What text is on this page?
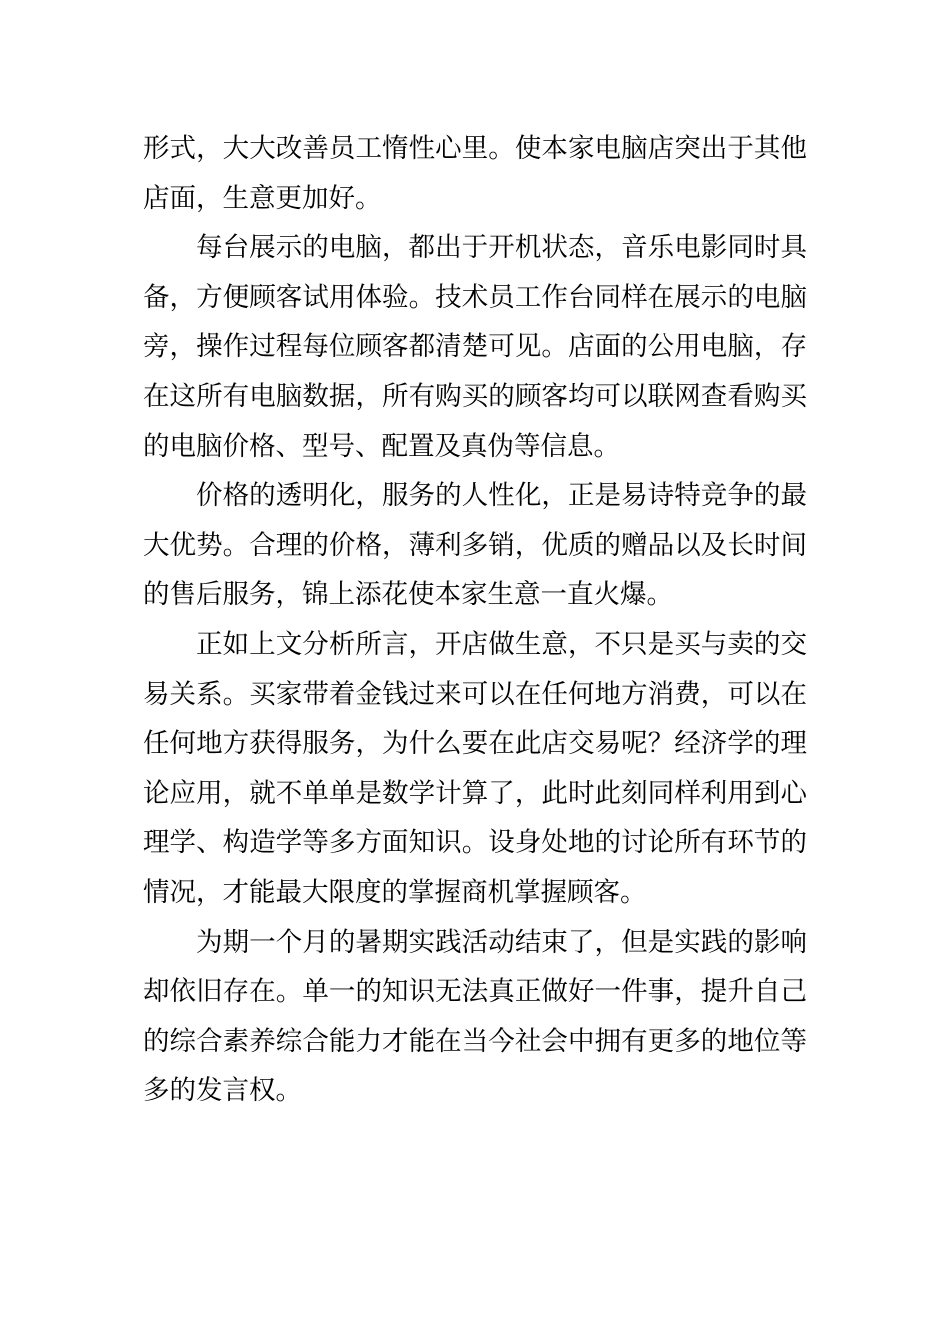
形式，大大改善员工惰性心里。使本家电脑店突出于其他店面，生意更加好。

每台展示的电脑，都出于开机状态，音乐电影同时具备，方便顾客试用体验。技术员工作台同样在展示的电脑旁，操作过程每位顾客都清楚可见。店面的公用电脑，存在这所有电脑数据，所有购买的顾客均可以联网查看购买的电脑价格、型号、配置及真伪等信息。

价格的透明化，服务的人性化，正是易诗特竞争的最大优势。合理的价格，薄利多销，优质的赠品以及长时间的售后服务，锦上添花使本家生意一直火爆。

正如上文分析所言，开店做生意，不只是买与卖的交易关系。买家带着金钱过来可以在任何地方消费，可以在任何地方获得服务，为什么要在此店交易呢？经济学的理论应用，就不单单是数学计算了，此时此刻同样利用到心理学、构造学等多方面知识。设身处地的讨论所有环节的情况，才能最大限度的掌握商机掌握顾客。

为期一个月的暑期实践活动结束了，但是实践的影响却依旧存在。单一的知识无法真正做好一件事，提升自己的综合素养综合能力才能在当今社会中拥有更多的地位等多的发言权。
